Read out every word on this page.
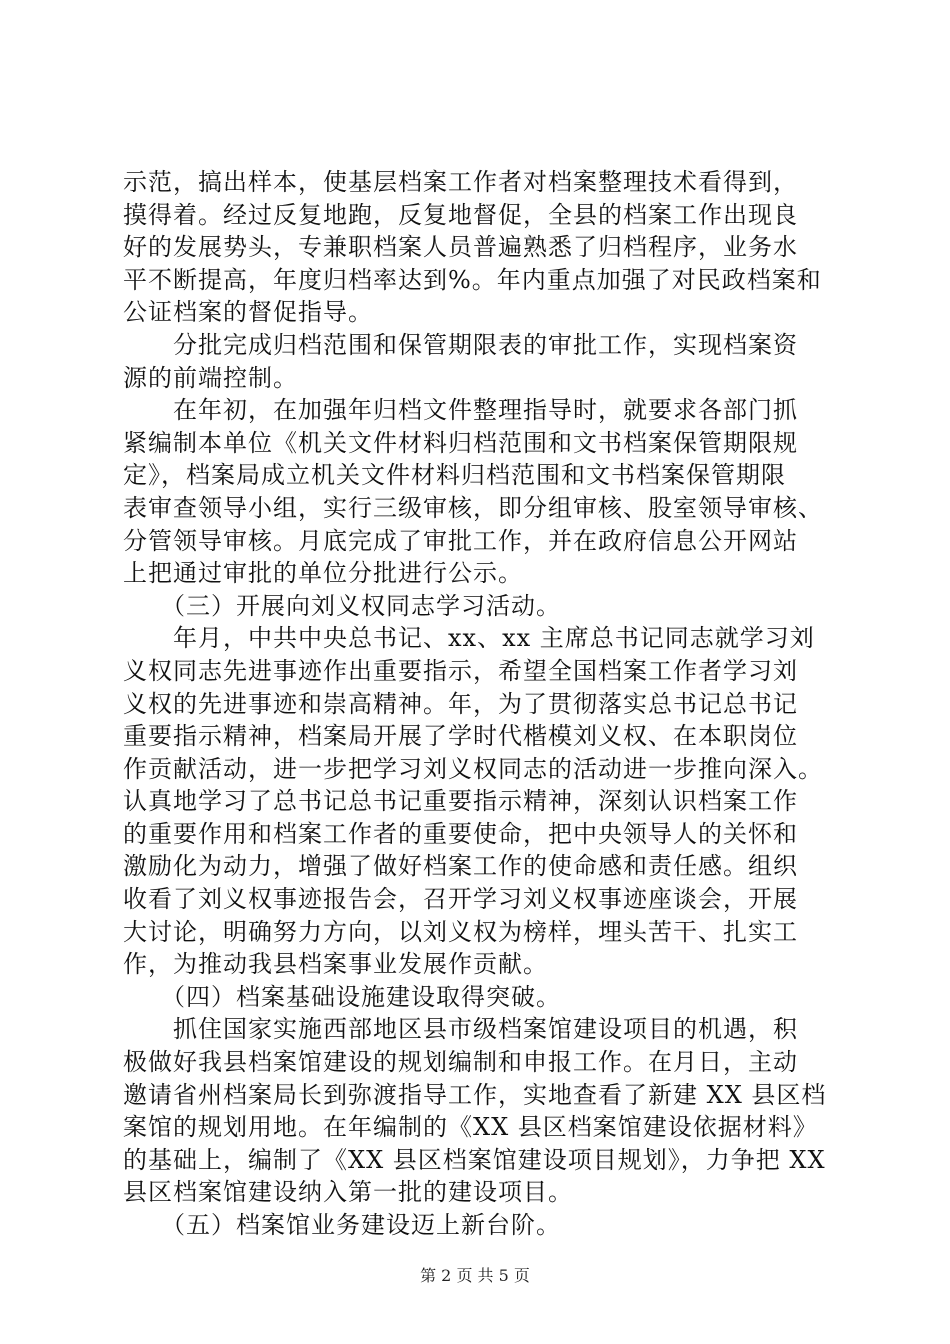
示范，搞出样本，使基层档案工作者对档案整理技术看得到，
摸得着。经过反复地跑，反复地督促，全县的档案工作出现良
好的发展势头，专兼职档案人员普遍熟悉了归档程序，业务水
平不断提高，年度归档率达到%。年内重点加强了对民政档案和
公证档案的督促指导。
　　分批完成归档范围和保管期限表的审批工作，实现档案资
源的前端控制。
　　在年初，在加强年归档文件整理指导时，就要求各部门抓
紧编制本单位《机关文件材料归档范围和文书档案保管期限规
定》，档案局成立机关文件材料归档范围和文书档案保管期限
表审查领导小组，实行三级审核，即分组审核、股室领导审核、
分管领导审核。月底完成了审批工作，并在政府信息公开网站
上把通过审批的单位分批进行公示。
　　（三）开展向刘义权同志学习活动。
　　年月，中共中央总书记、xx、xx 主席总书记同志就学习刘
义权同志先进事迹作出重要指示，希望全国档案工作者学习刘
义权的先进事迹和崇高精神。年，为了贯彻落实总书记总书记
重要指示精神，档案局开展了学时代楷模刘义权、在本职岗位
作贡献活动，进一步把学习刘义权同志的活动进一步推向深入。
认真地学习了总书记总书记重要指示精神，深刻认识档案工作
的重要作用和档案工作者的重要使命，把中央领导人的关怀和
激励化为动力，增强了做好档案工作的使命感和责任感。组织
收看了刘义权事迹报告会，召开学习刘义权事迹座谈会，开展
大讨论，明确努力方向，以刘义权为榜样，埋头苦干、扎实工
作，为推动我县档案事业发展作贡献。
　　（四）档案基础设施建设取得突破。
　　抓住国家实施西部地区县市级档案馆建设项目的机遇，积
极做好我县档案馆建设的规划编制和申报工作。在月日，主动
邀请省州档案局长到弥渡指导工作，实地查看了新建 XX 县区档
案馆的规划用地。在年编制的《XX 县区档案馆建设依据材料》
的基础上，编制了《XX 县区档案馆建设项目规划》，力争把 XX
县区档案馆建设纳入第一批的建设项目。
　　（五）档案馆业务建设迈上新台阶。

第 2 页 共 5 页
